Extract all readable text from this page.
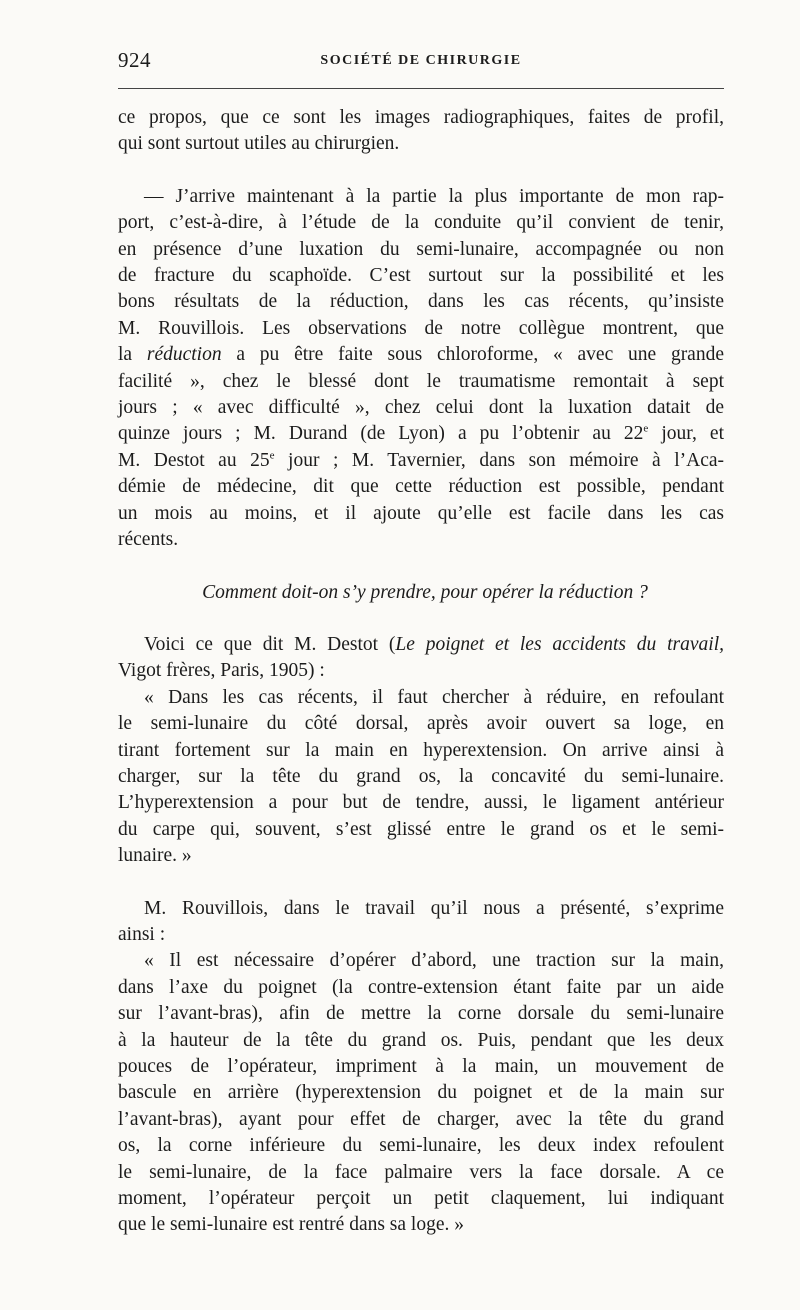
924	SOCIÉTÉ DE CHIRURGIE
ce propos, que ce sont les images radiographiques, faites de profil,
qui sont surtout utiles au chirurgien.
— J’arrive maintenant à la partie la plus importante de mon rap-
port, c’est-à-dire, à l’étude de la conduite qu’il convient de tenir,
en présence d’une luxation du semi-lunaire, accompagnée ou non
de fracture du scaphoïde. C’est surtout sur la possibilité et les
bons résultats de la réduction, dans les cas récents, qu’insiste
M. Rouvillois. Les observations de notre collègue montrent, que
la réduction a pu être faite sous chloroforme, « avec une grande
facilité », chez le blessé dont le traumatisme remontait à sept
jours ; « avec difficulté », chez celui dont la luxation datait de
quinze jours ; M. Durand (de Lyon) a pu l’obtenir au 22e jour, et
M. Destot au 25e jour ; M. Tavernier, dans son mémoire à l’Aca-
démie de médecine, dit que cette réduction est possible, pendant
un mois au moins, et il ajoute qu’elle est facile dans les cas
récents.
Comment doit-on s’y prendre, pour opérer la réduction ?
Voici ce que dit M. Destot (Le poignet et les accidents du travail,
Vigot frères, Paris, 1905) :
« Dans les cas récents, il faut chercher à réduire, en refoulant
le semi-lunaire du côté dorsal, après avoir ouvert sa loge, en
tirant fortement sur la main en hyperextension. On arrive ainsi à
charger, sur la tête du grand os, la concavité du semi-lunaire.
L’hyperextension a pour but de tendre, aussi, le ligament antérieur
du carpe qui, souvent, s’est glissé entre le grand os et le semi-
lunaire. »
M. Rouvillois, dans le travail qu’il nous a présenté, s’exprime
ainsi :
« Il est nécessaire d’opérer d’abord, une traction sur la main,
dans l’axe du poignet (la contre-extension étant faite par un aide
sur l’avant-bras), afin de mettre la corne dorsale du semi-lunaire
à la hauteur de la tête du grand os. Puis, pendant que les deux
pouces de l’opérateur, impriment à la main, un mouvement de
bascule en arrière (hyperextension du poignet et de la main sur
l’avant-bras), ayant pour effet de charger, avec la tête du grand
os, la corne inférieure du semi-lunaire, les deux index refoulent
le semi-lunaire, de la face palmaire vers la face dorsale. A ce
moment, l’opérateur perçoit un petit claquement, lui indiquant
que le semi-lunaire est rentré dans sa loge. »
